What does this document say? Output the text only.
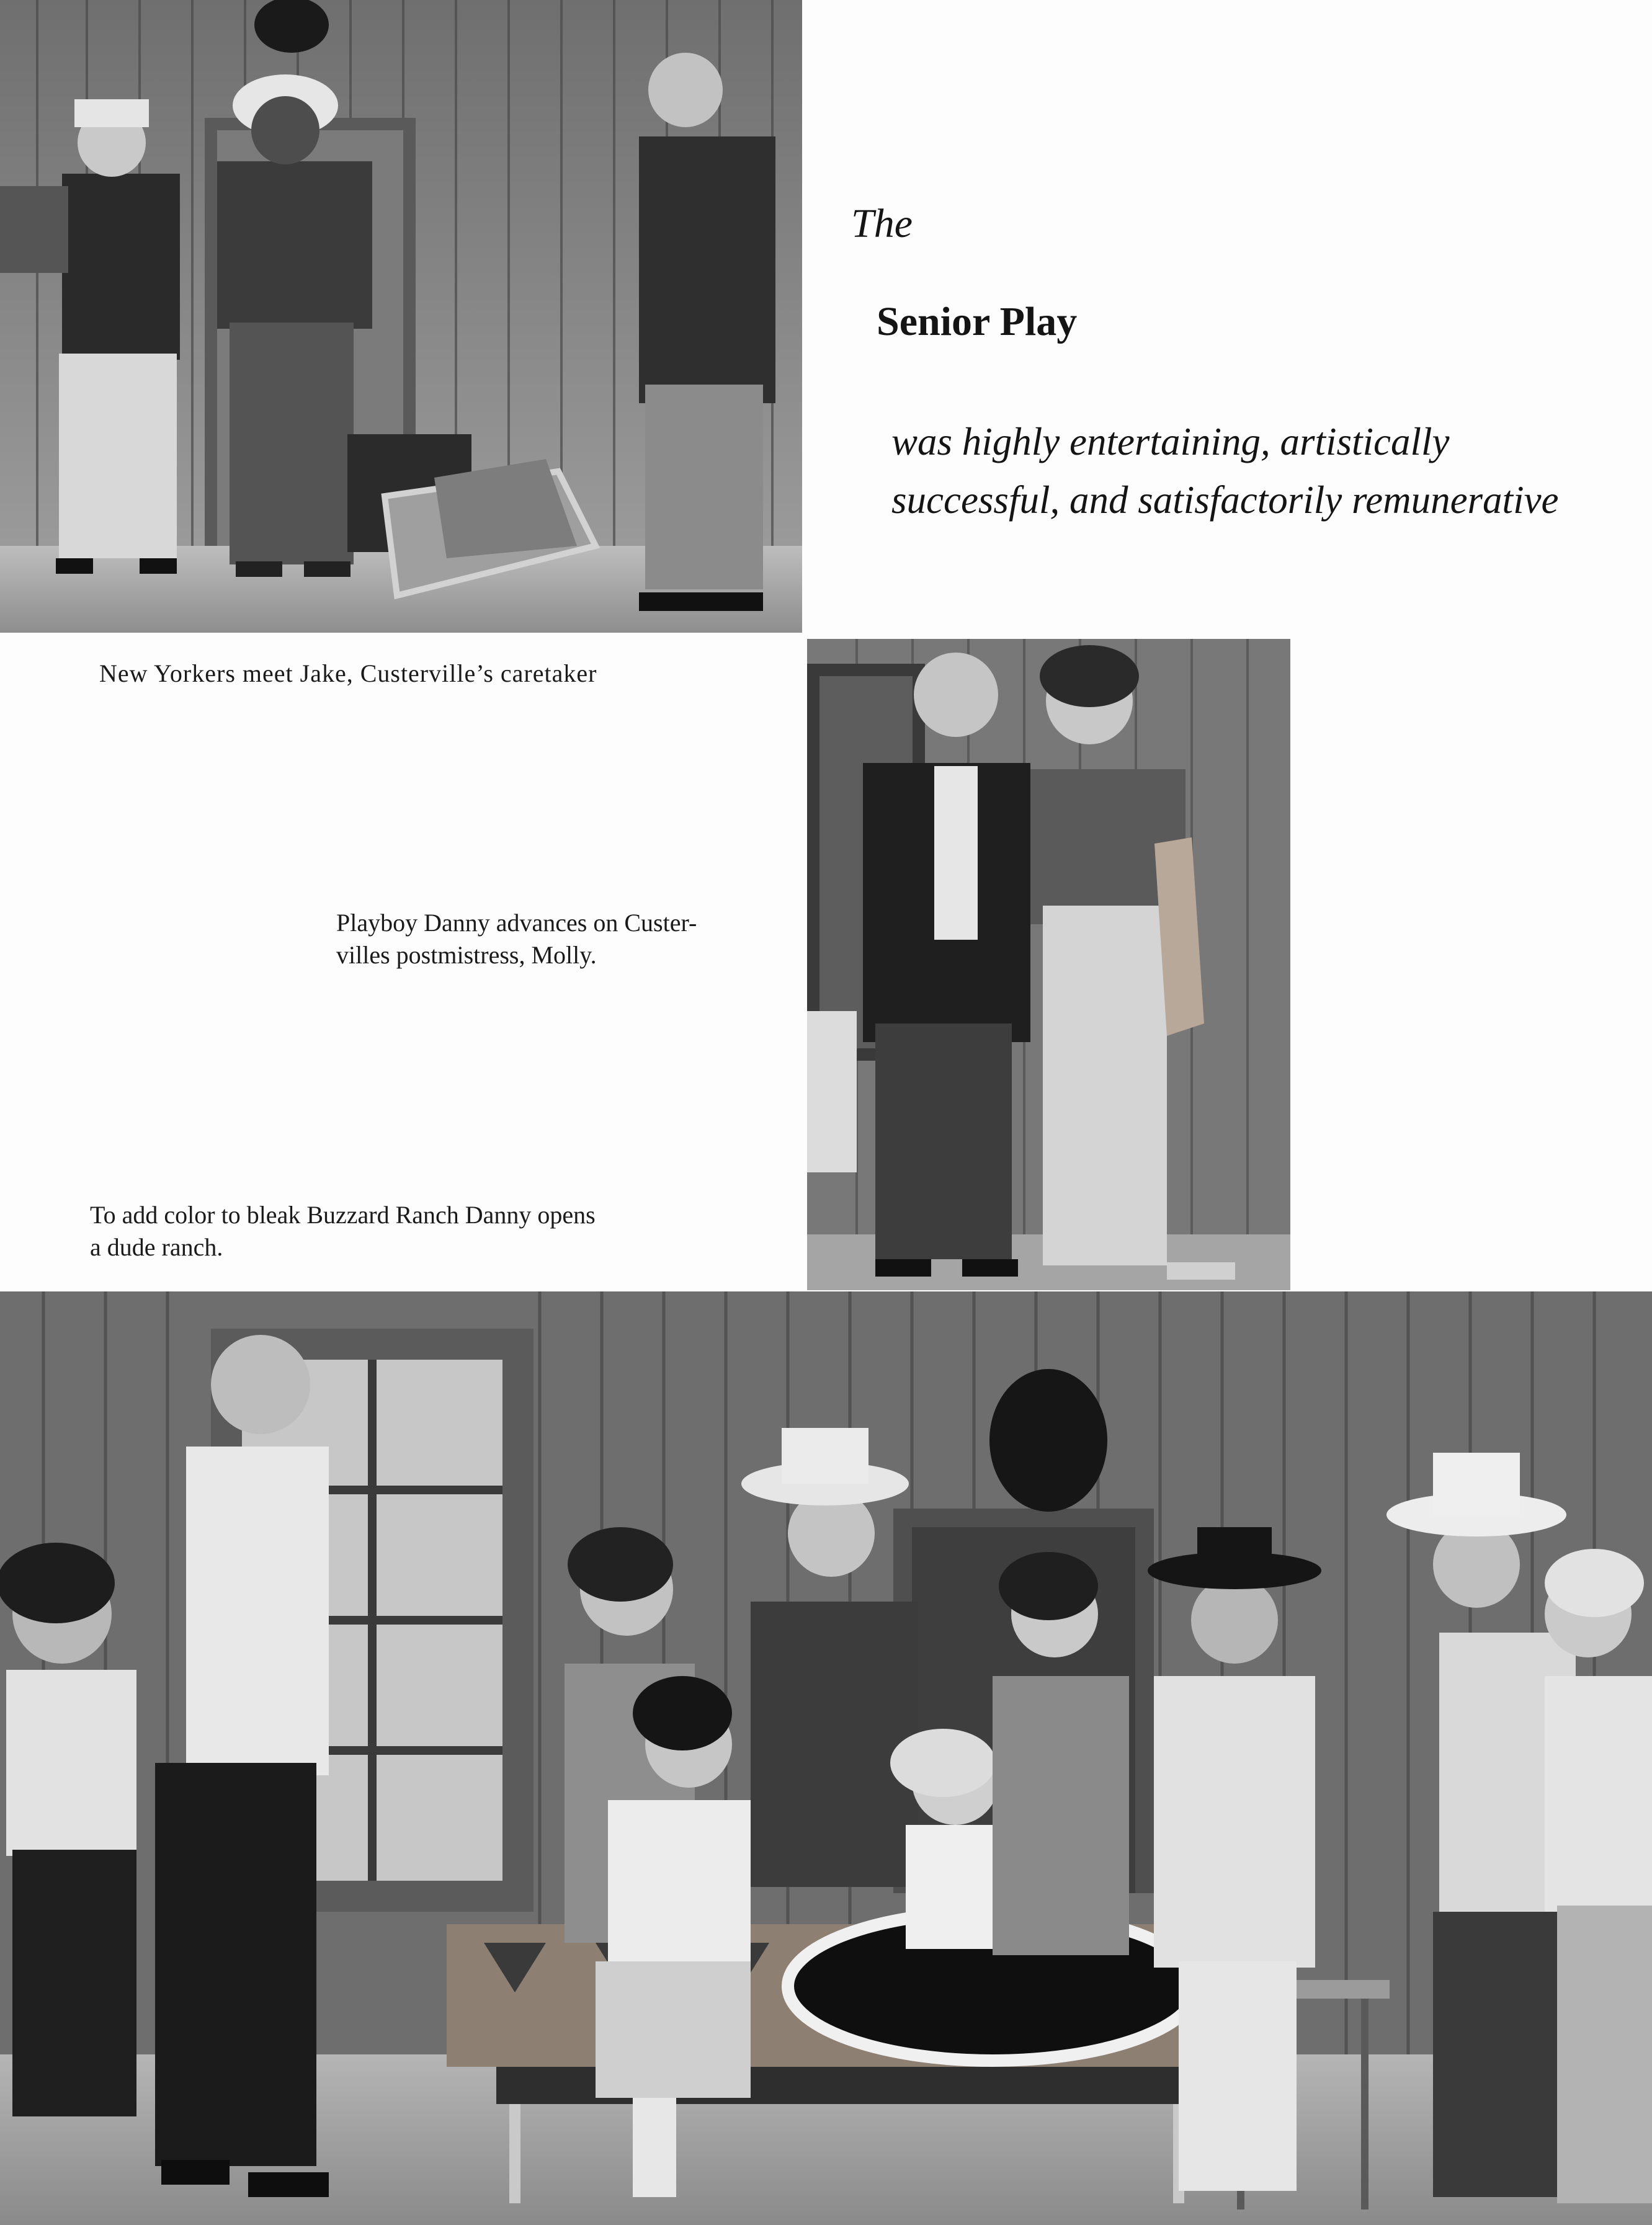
The
Senior Play
was highly entertaining, artistically
successful, and satisfactorily remunerative
New Yorkers meet Jake, Custerville’s caretaker
Playboy Danny advances on Custer-
villes postmistress, Molly.
To add color to bleak Buzzard Ranch Danny opens
a dude ranch.
